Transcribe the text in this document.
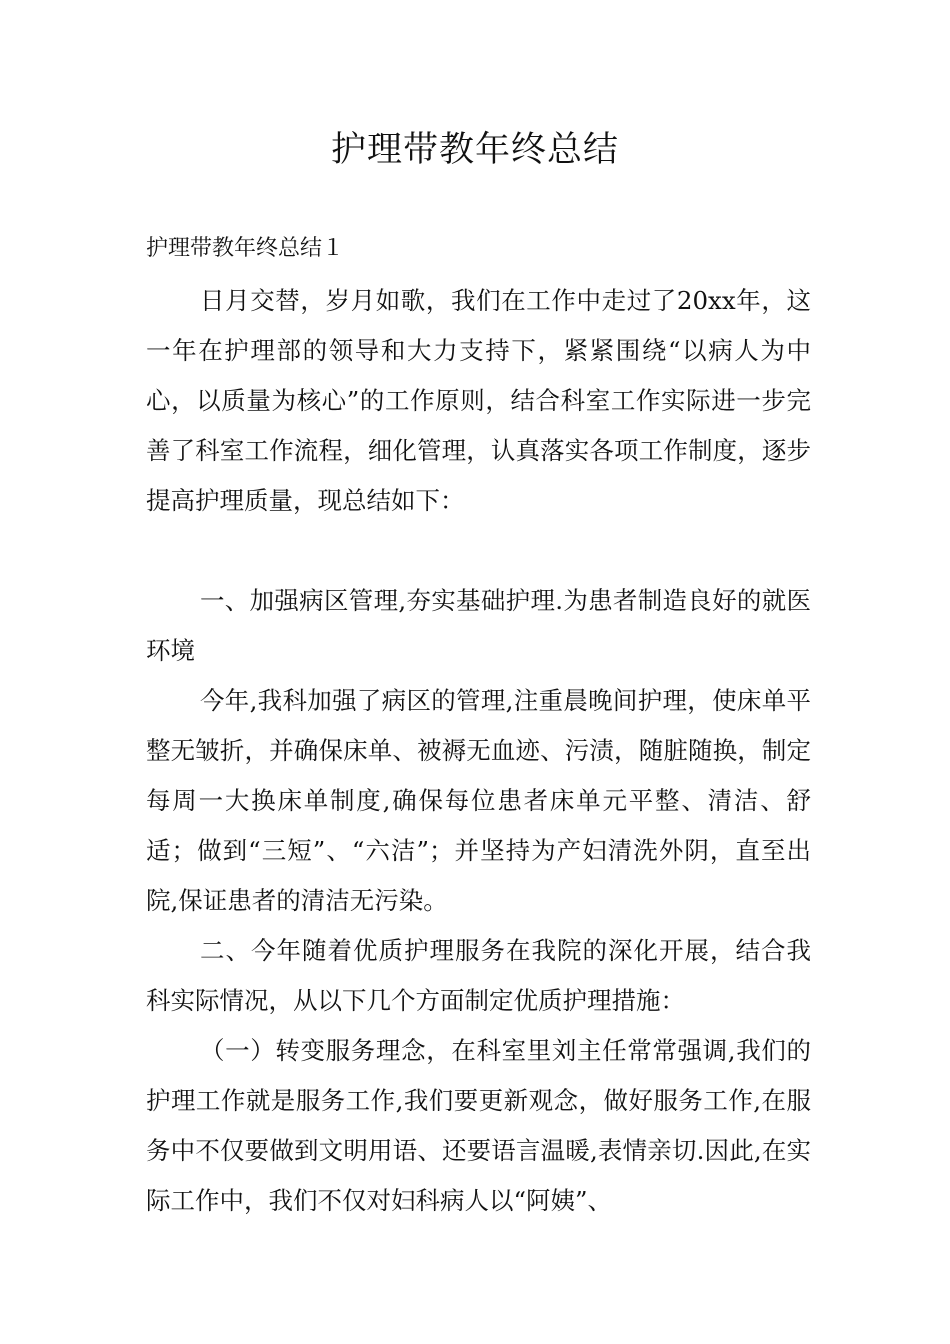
护理带教年终总结
护理带教年终总结１

日月交替，岁月如歌，我们在工作中走过了20xx年，这一年在护理部的领导和大力支持下，紧紧围绕“以病人为中心，以质量为核心”的工作原则，结合科室工作实际进一步完善了科室工作流程，细化管理，认真落实各项工作制度，逐步提高护理质量，现总结如下：

一、加强病区管理,夯实基础护理.为患者制造良好的就医环境

今年,我科加强了病区的管理,注重晨晚间护理，使床单平整无皱折，并确保床单、被褥无血迹、污渍，随脏随换，制定每周一大换床单制度,确保每位患者床单元平整、清洁、舒适；做到“三短”、“六洁”；并坚持为产妇清洗外阴，直至出院,保证患者的清洁无污染。

二、今年随着优质护理服务在我院的深化开展，结合我科实际情况，从以下几个方面制定优质护理措施：

（一）转变服务理念，在科室里刘主任常常强调,我们的护理工作就是服务工作,我们要更新观念，做好服务工作,在服务中不仅要做到文明用语、还要语言温暖,表情亲切.因此,在实际工作中，我们不仅对妇科病人以“阿姨”、
